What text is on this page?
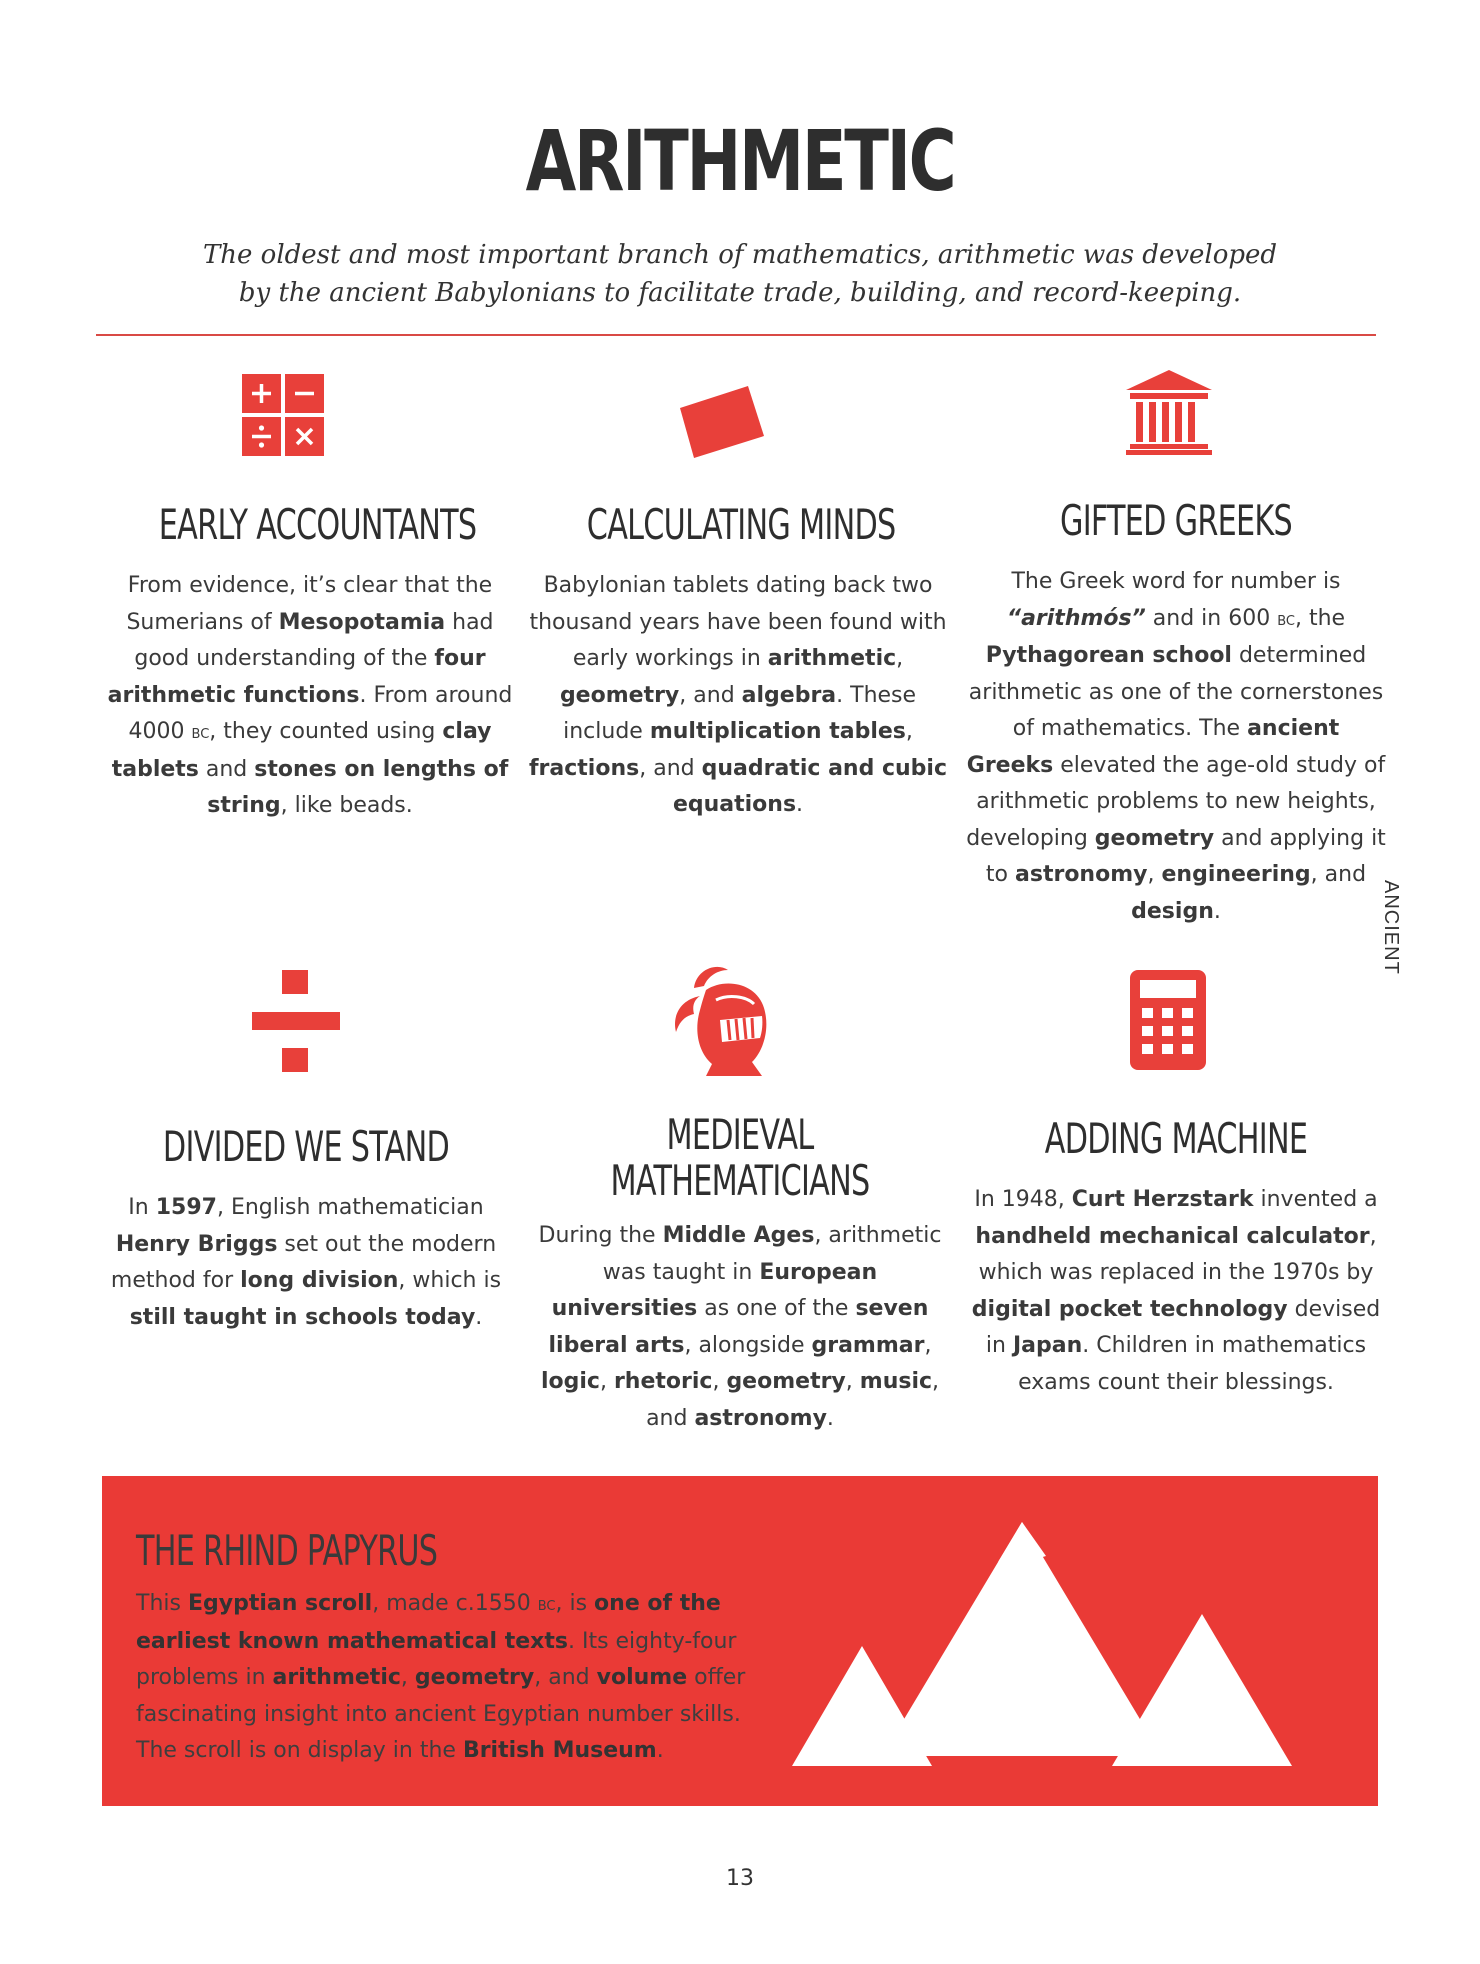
ARITHMETIC
The oldest and most important branch of mathematics, arithmetic was developed by the ancient Babylonians to facilitate trade, building, and record-keeping.
ANCIENT
EARLY ACCOUNTANTS
From evidence, it’s clear that the Sumerians of Mesopotamia had good understanding of the four arithmetic functions. From around 4000 bc, they counted using clay tablets and stones on lengths of string, like beads.
CALCULATING MINDS
Babylonian tablets dating back two thousand years have been found with early workings in arithmetic, geometry, and algebra. These include multiplication tables, fractions, and quadratic and cubic equations.
GIFTED GREEKS
The Greek word for number is “arithmós” and in 600 bc, the Pythagorean school determined arithmetic as one of the cornerstones of mathematics. The ancient Greeks elevated the age-old study of arithmetic problems to new heights, developing geometry and applying it to astronomy, engineering, and design.
DIVIDED WE STAND
In 1597, English mathematician Henry Briggs set out the modern method for long division, which is still taught in schools today.
MEDIEVAL MATHEMATICIANS
During the Middle Ages, arithmetic was taught in European universities as one of the seven liberal arts, alongside grammar, logic, rhetoric, geometry, music, and astronomy.
ADDING MACHINE
In 1948, Curt Herzstark invented a handheld mechanical calculator, which was replaced in the 1970s by digital pocket technology devised in Japan. Children in mathematics exams count their blessings.
THE RHIND PAPYRUS
This Egyptian scroll, made c.1550 bc, is one of the earliest known mathematical texts. Its eighty-four problems in arithmetic, geometry, and volume offer fascinating insight into ancient Egyptian number skills. The scroll is on display in the British Museum.
13
